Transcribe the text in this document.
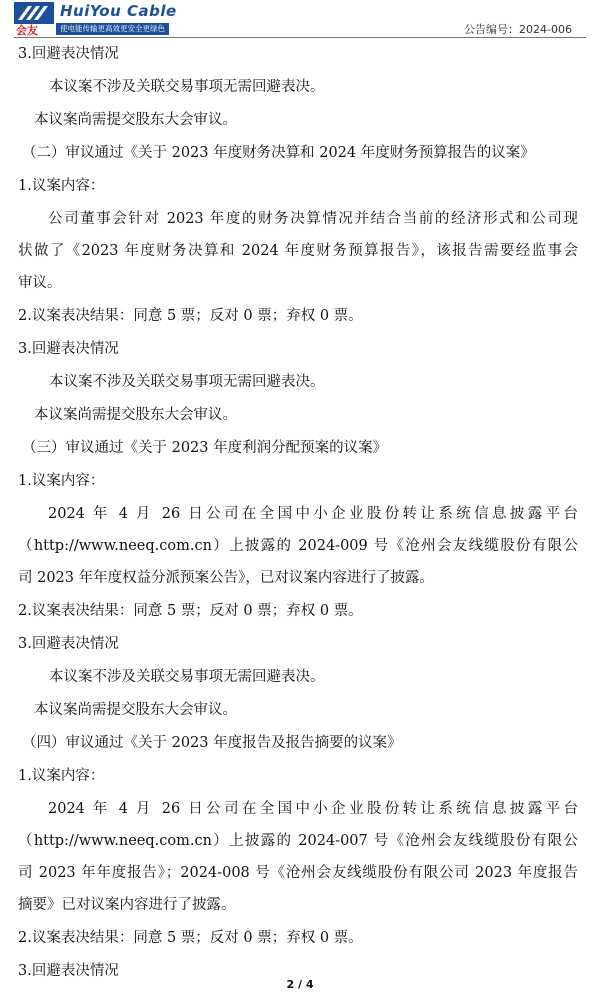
HuiYou Cable
会友	使电能传输更高效更安全更绿色	公告编号：2024-006
3.回避表决情况
本议案不涉及关联交易事项无需回避表决。
本议案尚需提交股东大会审议。
（二）审议通过《关于 2023 年度财务决算和 2024 年度财务预算报告的议案》
1.议案内容：
公司董事会针对 2023 年度的财务决算情况并结合当前的经济形式和公司现
状做了《2023 年度财务决算和 2024 年度财务预算报告》，该报告需要经监事会
审议。
2.议案表决结果：同意 5 票；反对 0 票；弃权 0 票。
3.回避表决情况
本议案不涉及关联交易事项无需回避表决。
本议案尚需提交股东大会审议。
（三）审议通过《关于 2023 年度利润分配预案的议案》
1.议案内容：
2024 年 4 月 26 日公司在全国中小企业股份转让系统信息披露平台
（http://www.neeq.com.cn）上披露的 2024-009 号《沧州会友线缆股份有限公
司 2023 年年度权益分派预案公告》，已对议案内容进行了披露。
2.议案表决结果：同意 5 票；反对 0 票；弃权 0 票。
3.回避表决情况
本议案不涉及关联交易事项无需回避表决。
本议案尚需提交股东大会审议。
（四）审议通过《关于 2023 年度报告及报告摘要的议案》
1.议案内容：
2024 年 4 月 26 日公司在全国中小企业股份转让系统信息披露平台
（http://www.neeq.com.cn）上披露的 2024-007 号《沧州会友线缆股份有限公
司 2023 年年度报告》；2024-008 号《沧州会友线缆股份有限公司 2023 年度报告
摘要》已对议案内容进行了披露。
2.议案表决结果：同意 5 票；反对 0 票；弃权 0 票。
3.回避表决情况
2 / 4
